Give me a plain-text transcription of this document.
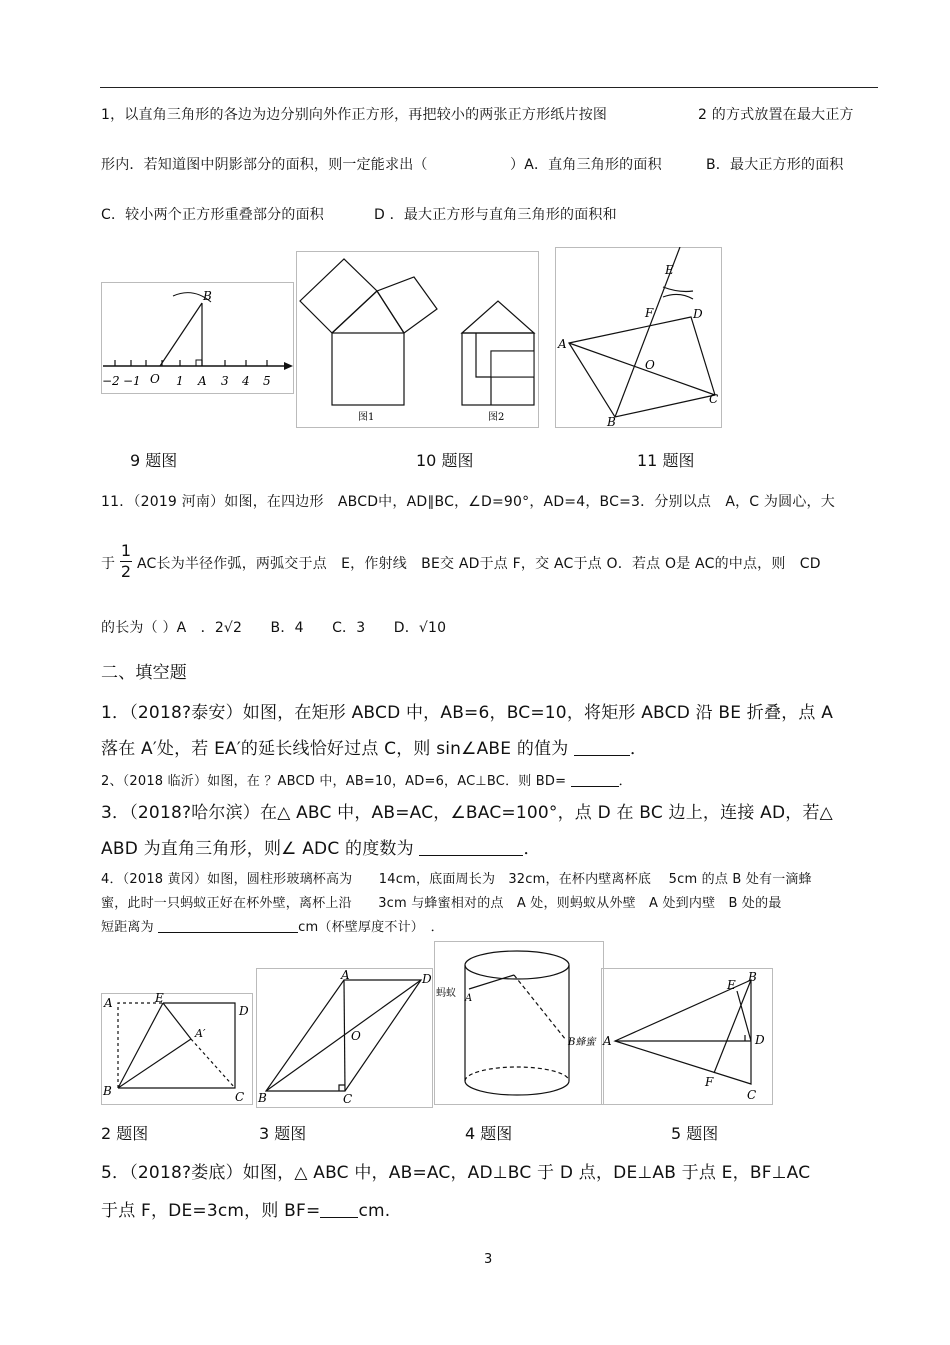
1，以直角三角形的各边为边分别向外作正方形，再把较小的两张正方形纸片按图	2 的方式放置在最大正方
形内．若知道图中阴影部分的面积，则一定能求出（	）A．直角三角形的面积	B．最大正方形的面积
C．较小两个正方形重叠部分的面积	D ．最大正方形与直角三角形的面积和
−2 −1 O 1 A 3 4 5
B
图1	图2
E
F	D
A
O
C
B
9 题图	10 题图	11 题图
11．（2019 河南）如图，在四边形　ABCD中，AD∥BC，∠D=90°，AD=4，BC=3．分别以点　A，C 为圆心，大
于
1
2 AC长为半径作弧，两弧交于点　E，作射线　BE交 AD于点 F，交 AC于点 O．若点 O是 AC的中点，则　CD
的长为（ ）A　．2√2　　B．4　　C．3　　D．√10
二、填空题
1．（2018?泰安）如图，在矩形 ABCD 中，AB=6，BC=10，将矩形 ABCD 沿 BE 折叠，点 A
落在 A′处，若 EA′的延长线恰好过点 C，则 sin∠ABE 的值为	．
2、（2018 临沂）如图，在 ？ABCD 中，AB=10，AD=6，AC⊥BC．则 BD=	．
3．（2018?哈尔滨）在△ ABC 中，AB=AC，∠BAC=100°，点 D 在 BC 边上，连接 AD，若△
ABD 为直角三角形，则∠ ADC 的度数为	．
4．（2018 黄冈）如图，圆柱形玻璃杯高为　　14cm，底面周长为　32cm，在杯内壁离杯底　 5cm 的点 B 处有一滴蜂
蜜，此时一只蚂蚁正好在杯外壁，离杯上沿　　3cm 与蜂蜜相对的点　A 处，则蚂蚁从外壁　A 处到内壁　B 处的最
短距离为	cm（杯壁厚度不计）　．
A	E
D
A′
B	C
A	D
O
B	C
蚂蚁 A
B蜂蜜
E
B
A	D
F
C
2 题图	3 题图	4 题图	5 题图
5．（2018?娄底）如图，△ ABC 中，AB=AC，AD⊥BC 于 D 点，DE⊥AB 于点 E，BF⊥AC
于点 F，DE=3cm，则 BF= cm.
3
